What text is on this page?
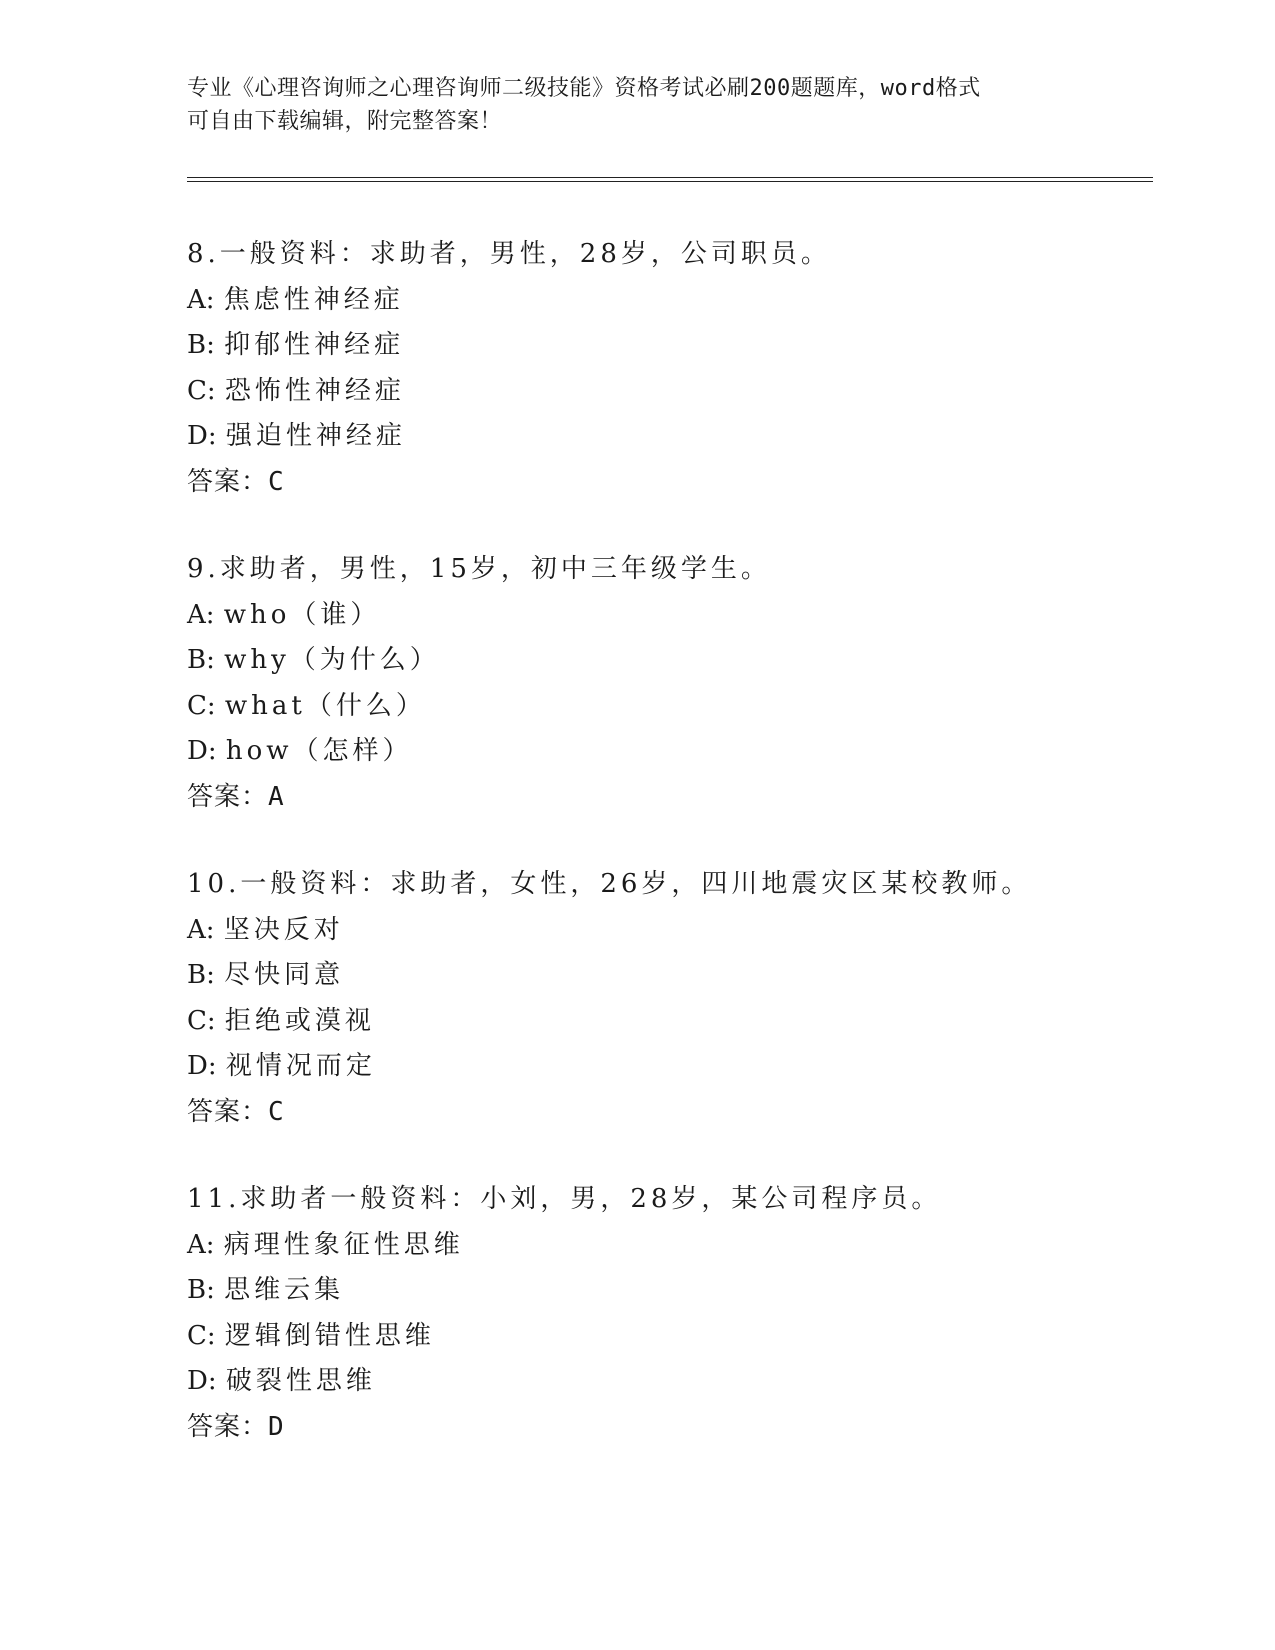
专业《心理咨询师之心理咨询师二级技能》资格考试必刷200题题库，word格式
可自由下载编辑，附完整答案！
8.一般资料：求助者，男性，28岁，公司职员。
A: 焦虑性神经症
B: 抑郁性神经症
C: 恐怖性神经症
D: 强迫性神经症
答案：C
9.求助者，男性，15岁，初中三年级学生。
A: who（谁）
B: why（为什么）
C: what（什么）
D: how（怎样）
答案：A
10.一般资料：求助者，女性，26岁，四川地震灾区某校教师。
A: 坚决反对
B: 尽快同意
C: 拒绝或漠视
D: 视情况而定
答案：C
11.求助者一般资料：小刘，男，28岁，某公司程序员。
A: 病理性象征性思维
B: 思维云集
C: 逻辑倒错性思维
D: 破裂性思维
答案：D
